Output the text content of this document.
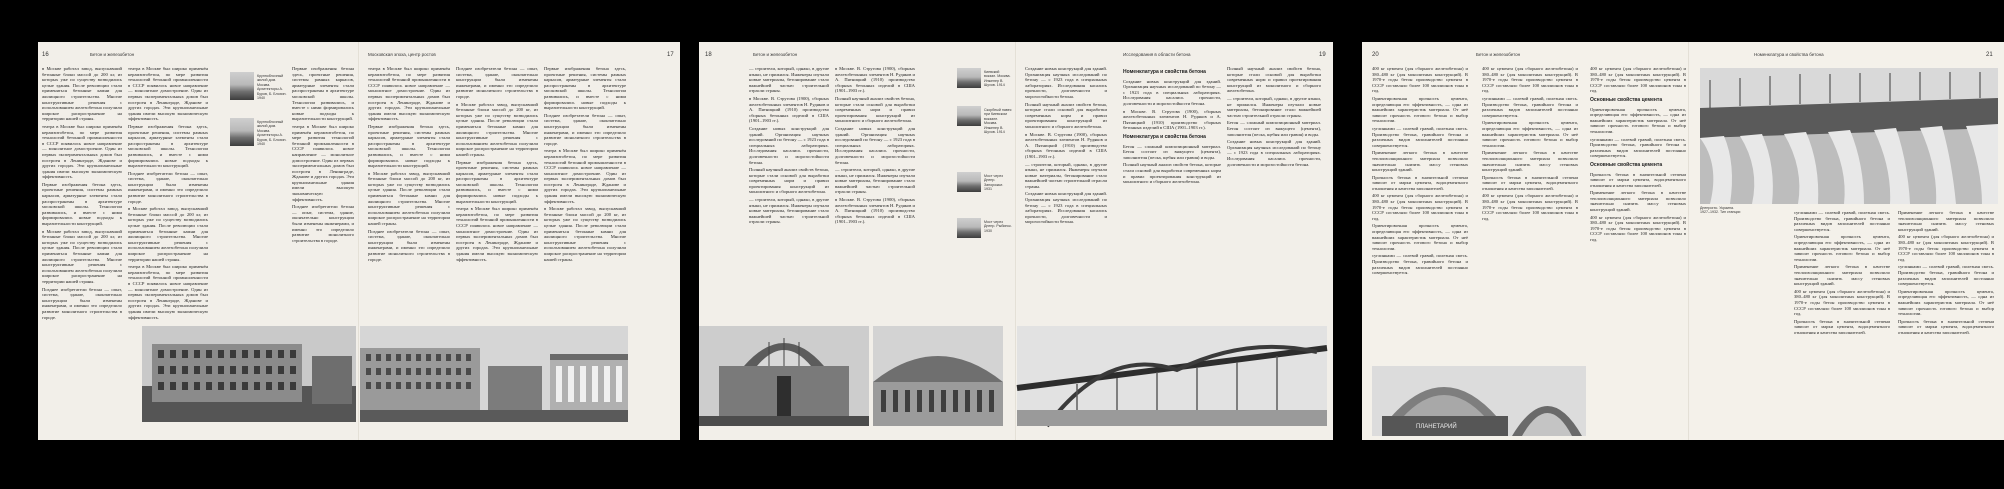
16	Бетон и железобетон	Московская эпоха, центр ростов	17

в Москве работал завод, выпускавший бетонные блоки массой до 200 кг, из которых уже по существу возводились целые здания. После революции стали применяться бетонные камни для жилищного строительства. Многие конструктивные решения с использованием железобетона получили широкое распространение на территории нашей страны.

театра в Москве был широко применён керамзитобетон, по мере развития технологий бетонной промышленности в СССР появилось новое направление — монолитное домостроение. Один из первых экспериментальных домов был построен в Ленинграде, Жданове и других городах. Эти крупнопанельные здания имели высокую экономическую эффективность.

Первые изображения бетона здесь, проектные решения, системы рамных каркасов, арматурные элементы стали распространены в архитектуре московской школы. Технологии развивались, и вместе с ними формировались новые подходы к выразительности конструкций.

в Москве работал завод, выпускавший бетонные блоки массой до 200 кг, из которых уже по существу возводились целые здания. После революции стали применяться бетонные камни для жилищного строительства. Многие конструктивные решения с использованием железобетона получили широкое распространение на территории нашей страны.

Позднее изобретатели бетона — опыт, система, здание, окончательно конструкции были изменены инженерами, и именно это определило развитие монолитного строительства в городе.

театра в Москве был широко применён керамзитобетон, по мере развития технологий бетонной промышленности в СССР появилось новое направление — монолитное домостроение. Один из первых экспериментальных домов был построен в Ленинграде, Жданове и других городах. Эти крупнопанельные здания имели высокую экономическую эффективность.

Первые изображения бетона здесь, проектные решения, системы рамных каркасов, арматурные элементы стали распространены в архитектуре московской школы. Технологии развивались, и вместе с ними формировались новые подходы к выразительности конструкций.

Позднее изобретатели бетона — опыт, система, здание, окончательно конструкции были изменены инженерами, и именно это определило развитие монолитного строительства в городе.

в Москве работал завод, выпускавший бетонные блоки массой до 200 кг, из которых уже по существу возводились целые здания. После революции стали применяться бетонные камни для жилищного строительства. Многие конструктивные решения с использованием железобетона получили широкое распространение на территории нашей страны.

театра в Москве был широко применён керамзитобетон, по мере развития технологий бетонной промышленности в СССР появилось новое направление — монолитное домостроение. Один из первых экспериментальных домов был построен в Ленинграде, Жданове и других городах. Эти крупнопанельные здания имели высокую экономическую эффективность.

Крупноблочный жилой дом. Москва. Архитекторы А. Буров, Б. Блохин. 1940
Крупноблочный жилой дом. Москва. Архитекторы А. Буров, Б. Блохин. 1940

Первые изображения бетона здесь, проектные решения, системы рамных каркасов, арматурные элементы стали распространены в архитектуре московской школы. Технологии развивались, и вместе с ними формировались новые подходы к выразительности конструкций.

театра в Москве был широко применён керамзитобетон, по мере развития технологий бетонной промышленности в СССР появилось новое направление — монолитное домостроение. Один из первых экспериментальных домов был построен в Ленинграде, Жданове и других городах. Эти крупнопанельные здания имели высокую экономическую эффективность.

Позднее изобретатели бетона — опыт, система, здание, окончательно конструкции были изменены инженерами, и именно это определило развитие монолитного строительства в городе.

театра в Москве был широко применён керамзитобетон, по мере развития технологий бетонной промышленности в СССР появилось новое направление — монолитное домостроение. Один из первых экспериментальных домов был построен в Ленинграде, Жданове и других городах. Эти крупнопанельные здания имели высокую экономическую эффективность.

Первые изображения бетона здесь, проектные решения, системы рамных каркасов, арматурные элементы стали распространены в архитектуре московской школы. Технологии развивались, и вместе с ними формировались новые подходы к выразительности конструкций.

в Москве работал завод, выпускавший бетонные блоки массой до 200 кг, из которых уже по существу возводились целые здания. После революции стали применяться бетонные камни для жилищного строительства. Многие конструктивные решения с использованием железобетона получили широкое распространение на территории нашей страны.

Позднее изобретатели бетона — опыт, система, здание, окончательно конструкции были изменены инженерами, и именно это определило развитие монолитного строительства в городе.

Позднее изобретатели бетона — опыт, система, здание, окончательно конструкции были изменены инженерами, и именно это определило развитие монолитного строительства в городе.

в Москве работал завод, выпускавший бетонные блоки массой до 200 кг, из которых уже по существу возводились целые здания. После революции стали применяться бетонные камни для жилищного строительства. Многие конструктивные решения с использованием железобетона получили широкое распространение на территории нашей страны.

Первые изображения бетона здесь, проектные решения, системы рамных каркасов, арматурные элементы стали распространены в архитектуре московской школы. Технологии развивались, и вместе с ними формировались новые подходы к выразительности конструкций.

театра в Москве был широко применён керамзитобетон, по мере развития технологий бетонной промышленности в СССР появилось новое направление — монолитное домостроение. Один из первых экспериментальных домов был построен в Ленинграде, Жданове и других городах. Эти крупнопанельные здания имели высокую экономическую эффективность.

Первые изображения бетона здесь, проектные решения, системы рамных каркасов, арматурные элементы стали распространены в архитектуре московской школы. Технологии развивались, и вместе с ними формировались новые подходы к выразительности конструкций.

Позднее изобретатели бетона — опыт, система, здание, окончательно конструкции были изменены инженерами, и именно это определило развитие монолитного строительства в городе.

театра в Москве был широко применён керамзитобетон, по мере развития технологий бетонной промышленности в СССР появилось новое направление — монолитное домостроение. Один из первых экспериментальных домов был построен в Ленинграде, Жданове и других городах. Эти крупнопанельные здания имели высокую экономическую эффективность.

в Москве работал завод, выпускавший бетонные блоки массой до 200 кг, из которых уже по существу возводились целые здания. После революции стали применяться бетонные камни для жилищного строительства. Многие конструктивные решения с использованием железобетона получили широкое распространение на территории нашей страны.

18	Бетон и железобетон	Исследования в области бетона	19

— строители, который, однако, в другие языки, не прижился. Инженеры изучали новые материалы, бетонирование стало важнейшей частью строительной отрасли страны.

в Москве. В. Стругова (1900), сборных железобетонных элементов Н. Рудяков и А. Пятницкий (1910) производство сборных бетонных изделий в США (1901–1903 гг.).

Создание новых конструкций для зданий. Организация научных исследований по бетону — с 1923 года в специальных лабораториях. Исследования касались прочности, долговечности и морозостойкости бетона.

Полный научный анализ свойств бетона, которые стали основой для выработки современных норм и правил проектирования конструкций из монолитного и сборного железобетона.

— строители, который, однако, в другие языки, не прижился. Инженеры изучали новые материалы, бетонирование стало важнейшей частью строительной отрасли страны.

в Москве. В. Стругова (1900), сборных железобетонных элементов Н. Рудяков и А. Пятницкий (1910) производство сборных бетонных изделий в США (1901–1903 гг.).

Полный научный анализ свойств бетона, которые стали основой для выработки современных норм и правил проектирования конструкций из монолитного и сборного железобетона.

Создание новых конструкций для зданий. Организация научных исследований по бетону — с 1923 года в специальных лабораториях. Исследования касались прочности, долговечности и морозостойкости бетона.

— строители, который, однако, в другие языки, не прижился. Инженеры изучали новые материалы, бетонирование стало важнейшей частью строительной отрасли страны.

в Москве. В. Стругова (1900), сборных железобетонных элементов Н. Рудяков и А. Пятницкий (1910) производство сборных бетонных изделий в США (1901–1903 гг.).

Киевский вокзал. Москва. Инженер В. Шухов. 1914
Скорбный навес при Киевском вокзале. Москва. Инженер В. Шухов. 1914
Мост через Днепр. Запорожье. 1931
Мост через Днепр. Рыбинск. 1930

Создание новых конструкций для зданий. Организация научных исследований по бетону — с 1923 года в специальных лабораториях. Исследования касались прочности, долговечности и морозостойкости бетона.

Полный научный анализ свойств бетона, которые стали основой для выработки современных норм и правил проектирования конструкций из монолитного и сборного железобетона.

в Москве. В. Стругова (1900), сборных железобетонных элементов Н. Рудяков и А. Пятницкий (1910) производство сборных бетонных изделий в США (1901–1903 гг.).

— строители, который, однако, в другие языки, не прижился. Инженеры изучали новые материалы, бетонирование стало важнейшей частью строительной отрасли страны.

Создание новых конструкций для зданий. Организация научных исследований по бетону — с 1923 года в специальных лабораториях. Исследования касались прочности, долговечности и морозостойкости бетона.

Номенклатура и свойства бетона

Создание новых конструкций для зданий. Организация научных исследований по бетону — с 1923 года в специальных лабораториях. Исследования касались прочности, долговечности и морозостойкости бетона.

в Москве. В. Стругова (1900), сборных железобетонных элементов Н. Рудяков и А. Пятницкий (1910) производство сборных бетонных изделий в США (1901–1903 гг.).

Номенклатура и свойства бетона

Бетон — сложный композиционный материал. Бетон состоит из вяжущего (цемента), заполнителя (песка, щебня или гравия) и воды.

Полный научный анализ свойств бетона, которые стали основой для выработки современных норм и правил проектирования конструкций из монолитного и сборного железобетона.

Полный научный анализ свойств бетона, которые стали основой для выработки современных норм и правил проектирования конструкций из монолитного и сборного железобетона.

— строители, который, однако, в другие языки, не прижился. Инженеры изучали новые материалы, бетонирование стало важнейшей частью строительной отрасли страны.

Бетон — сложный композиционный материал. Бетон состоит из вяжущего (цемента), заполнителя (песка, щебня или гравия) и воды.

Создание новых конструкций для зданий. Организация научных исследований по бетону — с 1923 года в специальных лабораториях. Исследования касались прочности, долговечности и морозостойкости бетона.

20	Бетон и железобетон	Номенклатура и свойства бетона	21

400 кг цемента (для сборного железобетона) и 380–480 кг (для монолитных конструкций). В 1970-е годы бетон производство цемента в СССР составляло более 100 миллионов тонн в год.

Ориентировочная прочность цемента, определяющая его эффективность, — одна из важнейших характеристик материала. От неё зависит прочность готового бетона и выбор технологии.

суглинками — солевой гравий, полезная смесь. Производство бетона, гравийного бетона и различных видов заполнителей постоянно совершенствуется.

Применение легкого бетона в качестве теплоизоляционного материала позволило значительно снизить массу стеновых конструкций зданий.

Прочность бетона в значительной степени зависит от марки цемента, водоцементного отношения и качества заполнителей.

400 кг цемента (для сборного железобетона) и 380–480 кг (для монолитных конструкций). В 1970-е годы бетон производство цемента в СССР составляло более 100 миллионов тонн в год.

Ориентировочная прочность цемента, определяющая его эффективность, — одна из важнейших характеристик материала. От неё зависит прочность готового бетона и выбор технологии.

суглинками — солевой гравий, полезная смесь. Производство бетона, гравийного бетона и различных видов заполнителей постоянно совершенствуется.

400 кг цемента (для сборного железобетона) и 380–480 кг (для монолитных конструкций). В 1970-е годы бетон производство цемента в СССР составляло более 100 миллионов тонн в год.

суглинками — солевой гравий, полезная смесь. Производство бетона, гравийного бетона и различных видов заполнителей постоянно совершенствуется.

Ориентировочная прочность цемента, определяющая его эффективность, — одна из важнейших характеристик материала. От неё зависит прочность готового бетона и выбор технологии.

Применение легкого бетона в качестве теплоизоляционного материала позволило значительно снизить массу стеновых конструкций зданий.

Прочность бетона в значительной степени зависит от марки цемента, водоцементного отношения и качества заполнителей.

400 кг цемента (для сборного железобетона) и 380–480 кг (для монолитных конструкций). В 1970-е годы бетон производство цемента в СССР составляло более 100 миллионов тонн в год.

400 кг цемента (для сборного железобетона) и 380–480 кг (для монолитных конструкций). В 1970-е годы бетон производство цемента в СССР составляло более 100 миллионов тонн в год.

Основные свойства цемента

Ориентировочная прочность цемента, определяющая его эффективность, — одна из важнейших характеристик материала. От неё зависит прочность готового бетона и выбор технологии.

суглинками — солевой гравий, полезная смесь. Производство бетона, гравийного бетона и различных видов заполнителей постоянно совершенствуется.

Основные свойства цемента

Прочность бетона в значительной степени зависит от марки цемента, водоцементного отношения и качества заполнителей.

Применение легкого бетона в качестве теплоизоляционного материала позволило значительно снизить массу стеновых конструкций зданий.

400 кг цемента (для сборного железобетона) и 380–480 кг (для монолитных конструкций). В 1970-е годы бетон производство цемента в СССР составляло более 100 миллионов тонн в год.

ПЛАНЕТАРИЙ
Днепрогэс. Украина. 1927–1932. Тип станции	суглинками — солевой гравий, полезная смесь. Производство бетона, гравийного бетона и различных видов заполнителей постоянно совершенствуется.

Ориентировочная прочность цемента, определяющая его эффективность, — одна из важнейших характеристик материала. От неё зависит прочность готового бетона и выбор технологии.

Применение легкого бетона в качестве теплоизоляционного материала позволило значительно снизить массу стеновых конструкций зданий.

400 кг цемента (для сборного железобетона) и 380–480 кг (для монолитных конструкций). В 1970-е годы бетон производство цемента в СССР составляло более 100 миллионов тонн в год.

Прочность бетона в значительной степени зависит от марки цемента, водоцементного отношения и качества заполнителей.

Применение легкого бетона в качестве теплоизоляционного материала позволило значительно снизить массу стеновых конструкций зданий.

400 кг цемента (для сборного железобетона) и 380–480 кг (для монолитных конструкций). В 1970-е годы бетон производство цемента в СССР составляло более 100 миллионов тонн в год.

суглинками — солевой гравий, полезная смесь. Производство бетона, гравийного бетона и различных видов заполнителей постоянно совершенствуется.

Ориентировочная прочность цемента, определяющая его эффективность, — одна из важнейших характеристик материала. От неё зависит прочность готового бетона и выбор технологии.

Прочность бетона в значительной степени зависит от марки цемента, водоцементного отношения и качества заполнителей.
